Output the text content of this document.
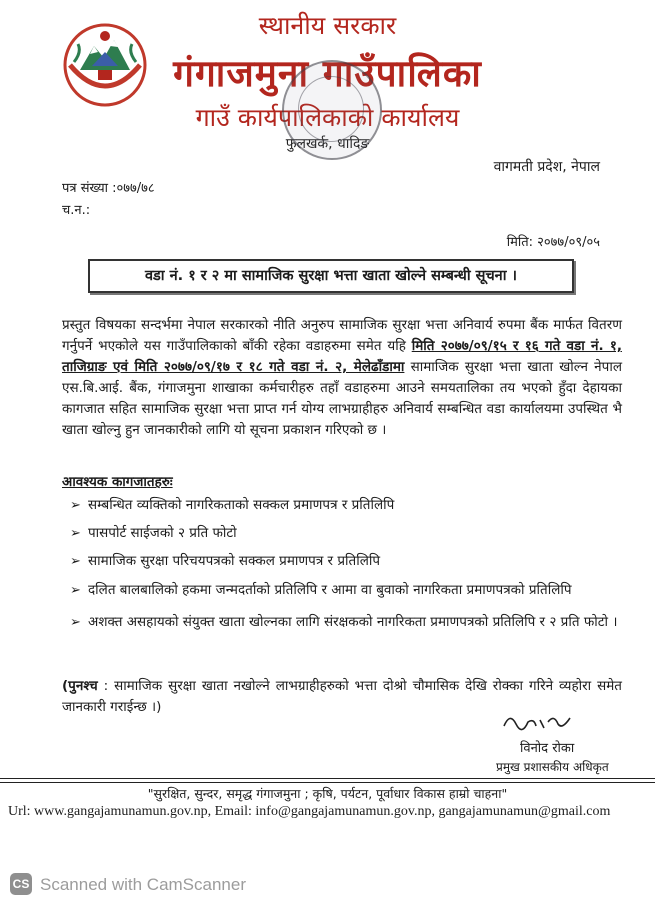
स्थानीय सरकार
गंगाजमुना गाउँपालिका
गाउँ कार्यपालिकाको कार्यालय
फुलखर्क, धादिङ
वागमती प्रदेश, नेपाल
पत्र संख्या :०७७/७८
च.न.:
मिति: २०७७/०९/०५
वडा नं. १ र २ मा सामाजिक सुरक्षा भत्ता खाता खोल्ने सम्बन्धी सूचना ।
प्रस्तुत विषयका सन्दर्भमा नेपाल सरकारको नीति अनुरुप सामाजिक सुरक्षा भत्ता अनिवार्य रुपमा बैंक मार्फत वितरण गर्नुपर्ने भएकोले यस गाउँपालिकाको बाँकी रहेका वडाहरुमा समेत यहि मिति २०७७/०९/१५ र १६ गते वडा नं. १, ताजिग्राङ एवं मिति २०७७/०९/१७ र १८ गते वडा नं. २, मेलेढाँडामा सामाजिक सुरक्षा भत्ता खाता खोल्न नेपाल एस.बि.आई. बैंक, गंगाजमुना शाखाका कर्मचारीहरु तहाँ वडाहरुमा आउने समयतालिका तय भएको हुँदा देहायका कागजात सहित सामाजिक सुरक्षा भत्ता प्राप्त गर्न योग्य लाभग्राहीहरु अनिवार्य सम्बन्धित वडा कार्यालयमा उपस्थित भै खाता खोल्नु हुन जानकारीको लागि यो सूचना प्रकाशन गरिएको छ ।
आवश्यक कागजातहरुः
➢ सम्बन्धित व्यक्तिको नागरिकताको सक्कल प्रमाणपत्र र प्रतिलिपि
➢ पासपोर्ट साईजको २ प्रति फोटो
➢ सामाजिक सुरक्षा परिचयपत्रको सक्कल प्रमाणपत्र र प्रतिलिपि
➢ दलित बालबालिको हकमा जन्मदर्ताको प्रतिलिपि र आमा वा बुवाको नागरिकता प्रमाणपत्रको प्रतिलिपि
➢ अशक्त असहायको संयुक्त खाता खोल्नका लागि संरक्षकको नागरिकता प्रमाणपत्रको प्रतिलिपि र २ प्रति फोटो ।
(पुनश्च : सामाजिक सुरक्षा खाता नखोल्ने लाभग्राहीहरुको भत्ता दोश्रो चौमासिक देखि रोक्का गरिने व्यहोरा समेत जानकारी गराईन्छ ।)
विनोद रोका
प्रमुख प्रशासकीय अधिकृत
"सुरक्षित, सुन्दर, समृद्ध गंगाजमुना ; कृषि, पर्यटन, पूर्वाधार विकास हाम्रो चाहना"
Url: www.gangajamunamun.gov.np, Email: info@gangajamunamun.gov.np, gangajamunamun@gmail.com
CS Scanned with CamScanner
